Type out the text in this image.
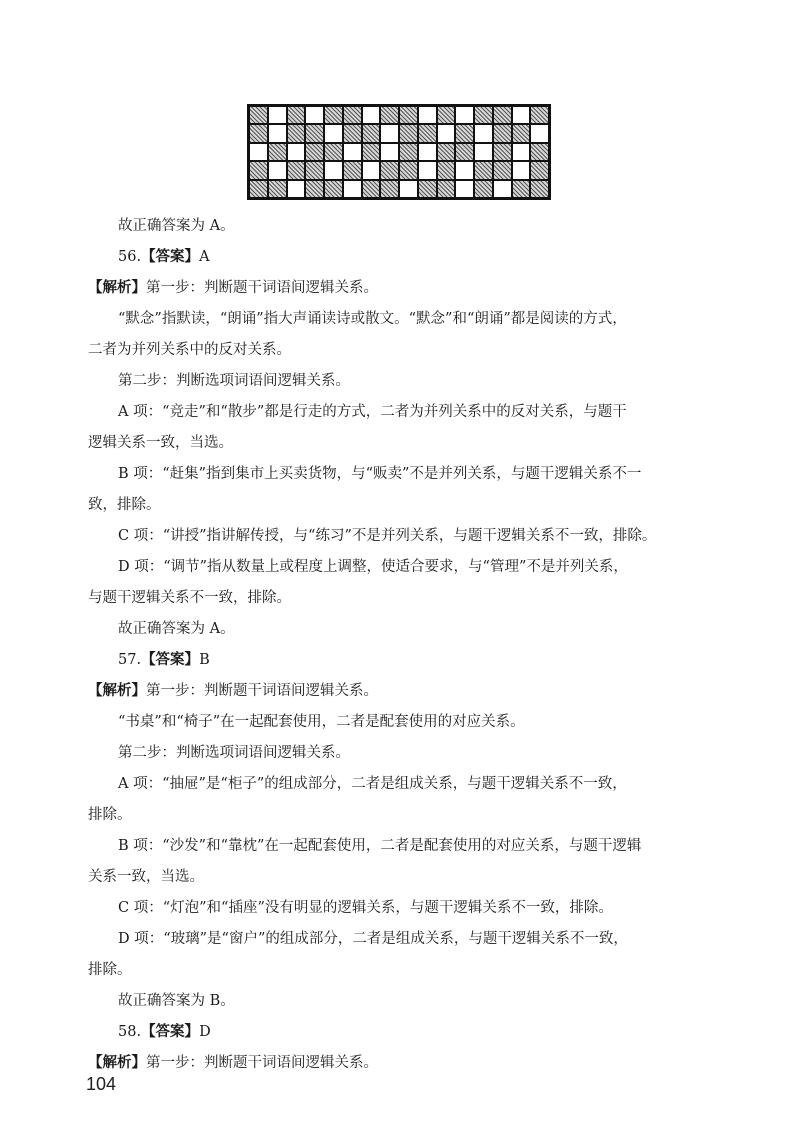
故正确答案为 A。
56.【答案】A
【解析】第一步：判断题干词语间逻辑关系。
“默念”指默读，“朗诵”指大声诵读诗或散文。“默念”和“朗诵”都是阅读的方式，
二者为并列关系中的反对关系。
第二步：判断选项词语间逻辑关系。
A 项：“竞走”和“散步”都是行走的方式，二者为并列关系中的反对关系，与题干
逻辑关系一致，当选。
B 项：“赶集”指到集市上买卖货物，与“贩卖”不是并列关系，与题干逻辑关系不一
致，排除。
C 项：“讲授”指讲解传授，与“练习”不是并列关系，与题干逻辑关系不一致，排除。
D 项：“调节”指从数量上或程度上调整，使适合要求，与“管理”不是并列关系，
与题干逻辑关系不一致，排除。
故正确答案为 A。
57.【答案】B
【解析】第一步：判断题干词语间逻辑关系。
“书桌”和“椅子”在一起配套使用，二者是配套使用的对应关系。
第二步：判断选项词语间逻辑关系。
A 项：“抽屉”是“柜子”的组成部分，二者是组成关系，与题干逻辑关系不一致，
排除。
B 项：“沙发”和“靠枕”在一起配套使用，二者是配套使用的对应关系，与题干逻辑
关系一致，当选。
C 项：“灯泡”和“插座”没有明显的逻辑关系，与题干逻辑关系不一致，排除。
D 项：“玻璃”是“窗户”的组成部分，二者是组成关系，与题干逻辑关系不一致，
排除。
故正确答案为 B。
58.【答案】D
【解析】第一步：判断题干词语间逻辑关系。
104
